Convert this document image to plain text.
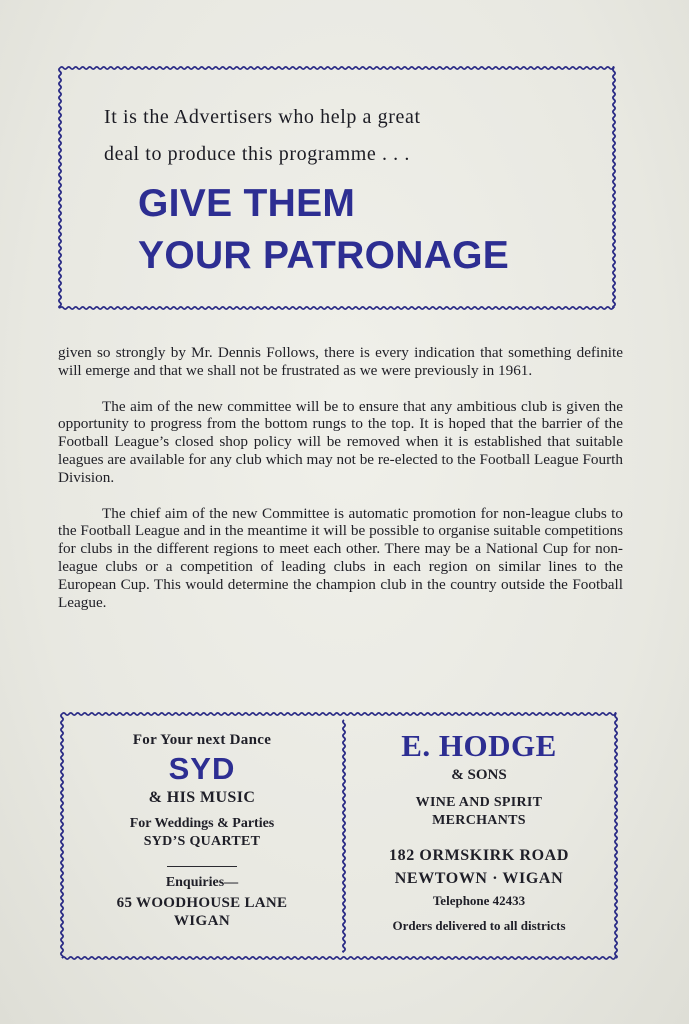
It is the Advertisers who help a great
deal to produce this programme . . .
GIVE THEM
YOUR PATRONAGE

given so strongly by Mr. Dennis Follows, there is every indication that something definite will emerge and that we shall not be frustrated as we were previously in 1961.

The aim of the new committee will be to ensure that any ambitious club is given the opportunity to progress from the bottom rungs to the top. It is hoped that the barrier of the Football League’s closed shop policy will be removed when it is established that suitable leagues are available for any club which may not be re-elected to the Football League Fourth Division.

The chief aim of the new Committee is automatic promotion for non-league clubs to the Football League and in the meantime it will be possible to organise suitable competitions for clubs in the different regions to meet each other. There may be a National Cup for non-league clubs or a competition of leading clubs in each region on similar lines to the European Cup. This would determine the champion club in the country outside the Football League.

For Your next Dance
SYD
& HIS MUSIC
For Weddings & Parties
SYD’S QUARTET
Enquiries—
65 WOODHOUSE LANE
WIGAN
E. HODGE
& SONS
WINE AND SPIRIT
MERCHANTS
182 ORMSKIRK ROAD
NEWTOWN · WIGAN
Telephone 42433
Orders delivered to all districts
